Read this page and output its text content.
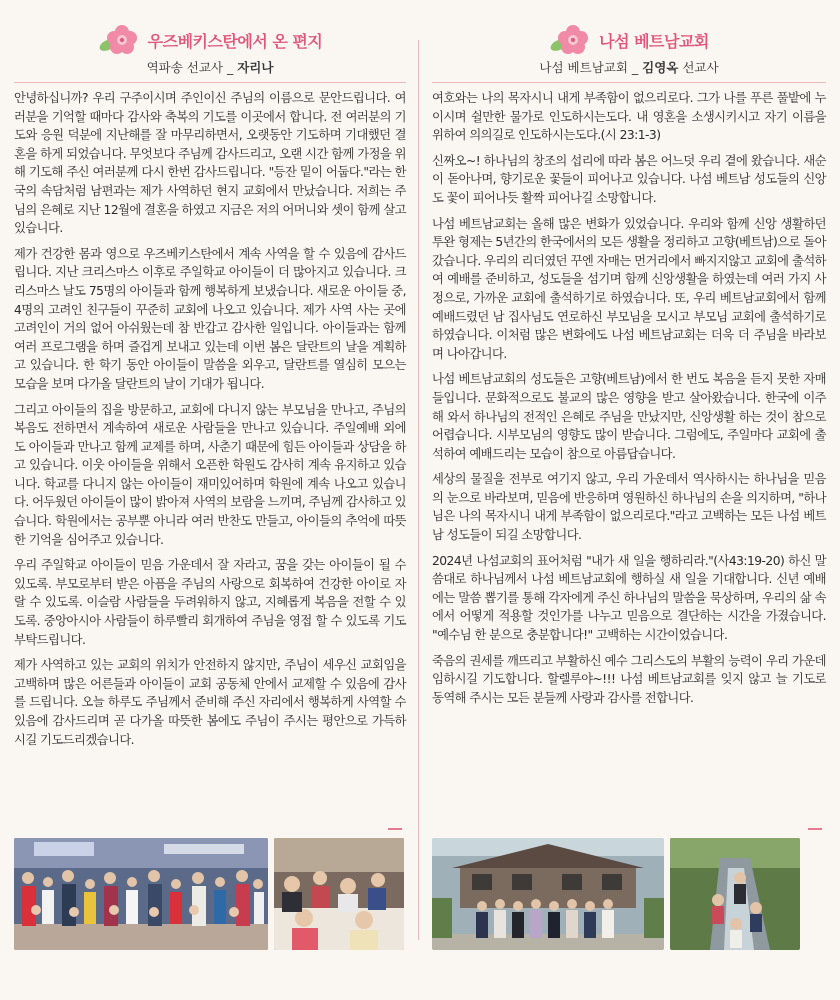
우즈베키스탄에서 온 편지
역파송 선교사 _ 자리나

안녕하십니까? 우리 구주이시며 주인이신 주님의 이름으로 문안드립니다. 여러분을 기억할 때마다 감사와 축복의 기도를 이곳에서 합니다. 전 여러분의 기도와 응원 덕분에 지난해를 잘 마무리하면서, 오랫동안 기도하며 기대했던 결혼을 하게 되었습니다. 무엇보다 주님께 감사드리고, 오랜 시간 함께 가정을 위해 기도해 주신 여러분께 다시 한번 감사드립니다. "등잔 밑이 어둡다."라는 한국의 속담처럼 남편과는 제가 사역하던 현지 교회에서 만났습니다. 저희는 주님의 은혜로 지난 12월에 결혼을 하였고 지금은 저의 어머니와 셋이 함께 살고 있습니다.

제가 건강한 몸과 영으로 우즈베키스탄에서 계속 사역을 할 수 있음에 감사드립니다. 지난 크리스마스 이후로 주일학교 아이들이 더 많아지고 있습니다. 크리스마스 날도 75명의 아이들과 함께 행복하게 보냈습니다. 새로운 아이들 중, 4명의 고려인 친구들이 꾸준히 교회에 나오고 있습니다. 제가 사역 사는 곳에 고려인이 거의 없어 아쉬웠는데 참 반갑고 감사한 일입니다. 아이들과는 함께 여러 프로그램을 하며 즐겁게 보내고 있는데 이번 봄은 달란트의 날을 계획하고 있습니다. 한 학기 동안 아이들이 말씀을 외우고, 달란트를 열심히 모으는 모습을 보며 다가올 달란트의 날이 기대가 됩니다.

그리고 아이들의 집을 방문하고, 교회에 다니지 않는 부모님을 만나고, 주님의 복음도 전하면서 계속하여 새로운 사람들을 만나고 있습니다. 주일예배 외에도 아이들과 만나고 함께 교제를 하며, 사춘기 때문에 힘든 아이들과 상담을 하고 있습니다. 이웃 아이들을 위해서 오픈한 학원도 감사히 계속 유지하고 있습니다. 학교를 다니지 않는 아이들이 재미있어하며 학원에 계속 나오고 있습니다. 어두웠던 아이들이 많이 밝아져 사역의 보람을 느끼며, 주님께 감사하고 있습니다. 학원에서는 공부뿐 아니라 여러 반찬도 만들고, 아이들의 추억에 따뜻한 기억을 심어주고 있습니다.

우리 주일학교 아이들이 믿음 가운데서 잘 자라고, 꿈을 갖는 아이들이 될 수 있도록. 부모로부터 받은 아픔을 주님의 사랑으로 회복하여 건강한 아이로 자랄 수 있도록. 이슬람 사람들을 두려워하지 않고, 지혜롭게 복음을 전할 수 있도록. 중앙아시아 사람들이 하루빨리 회개하여 주님을 영접 할 수 있도록 기도 부탁드립니다.

제가 사역하고 있는 교회의 위치가 안전하지 않지만, 주님이 세우신 교회임을 고백하며 많은 어른들과 아이들이 교회 공동체 안에서 교제할 수 있음에 감사를 드립니다. 오늘 하루도 주님께서 준비해 주신 자리에서 행복하게 사역할 수 있음에 감사드리며 곧 다가올 따뜻한 봄에도 주님이 주시는 평안으로 가득하시길 기도드리겠습니다.

나섬 베트남교회
나섬 베트남교회 _ 김영옥 선교사

여호와는 나의 목자시니 내게 부족함이 없으리로다. 그가 나를 푸른 풀밭에 누이시며 쉴만한 물가로 인도하시는도다. 내 영혼을 소생시키시고 자기 이름을 위하여 의의길로 인도하시는도다.(시 23:1-3)

신짜오~! 하나님의 창조의 섭리에 따라 봄은 어느덧 우리 곁에 왔습니다. 새순이 돋아나며, 향기로운 꽃들이 피어나고 있습니다. 나섬 베트남 성도들의 신앙도 꽃이 피어나듯 활짝 피어나길 소망합니다.

나섬 베트남교회는 올해 많은 변화가 있었습니다. 우리와 함께 신앙 생활하던 투완 형제는 5년간의 한국에서의 모든 생활을 정리하고 고향(베트남)으로 돌아갔습니다. 우리의 리더였던 꾸엔 자매는 먼거리에서 빠지지않고 교회에 출석하여 예배를 준비하고, 성도들을 섬기며 함께 신앙생활을 하였는데 여러 가지 사정으로, 가까운 교회에 출석하기로 하였습니다. 또, 우리 베트남교회에서 함께 예배드렸던 남 집사님도 연로하신 부모님을 모시고 부모님 교회에 출석하기로 하였습니다. 이처럼 많은 변화에도 나섬 베트남교회는 더욱 더 주님을 바라보며 나아갑니다.

나섬 베트남교회의 성도들은 고향(베트남)에서 한 번도 복음을 듣지 못한 자매들입니다. 문화적으로도 불교의 많은 영향을 받고 살아왔습니다. 한국에 이주해 와서 하나님의 전적인 은혜로 주님을 만났지만, 신앙생활 하는 것이 참으로 어렵습니다. 시부모님의 영향도 많이 받습니다. 그럼에도, 주일마다 교회에 출석하여 예배드리는 모습이 참으로 아름답습니다.

세상의 물질을 전부로 여기지 않고, 우리 가운데서 역사하시는 하나님을 믿음의 눈으로 바라보며, 믿음에 반응하며 영원하신 하나님의 손을 의지하며, "하나님은 나의 목자시니 내게 부족함이 없으리로다."라고 고백하는 모든 나섬 베트남 성도들이 되길 소망합니다.

2024년 나섬교회의 표어처럼 "내가 새 일을 행하리라."(사43:19-20) 하신 말씀대로 하나님께서 나섬 베트남교회에 행하실 새 일을 기대합니다. 신년 예배에는 말씀 뽑기를 통해 각자에게 주신 하나님의 말씀을 묵상하며, 우리의 삶 속에서 어떻게 적용할 것인가를 나누고 믿음으로 결단하는 시간을 가졌습니다. "예수님 한 분으로 충분합니다!" 고백하는 시간이었습니다.

죽음의 권세를 깨뜨리고 부활하신 예수 그리스도의 부활의 능력이 우리 가운데 임하시길 기도합니다. 할렐루야~!!! 나섬 베트남교회를 잊지 않고 늘 기도로 동역해 주시는 모든 분들께 사랑과 감사를 전합니다.
